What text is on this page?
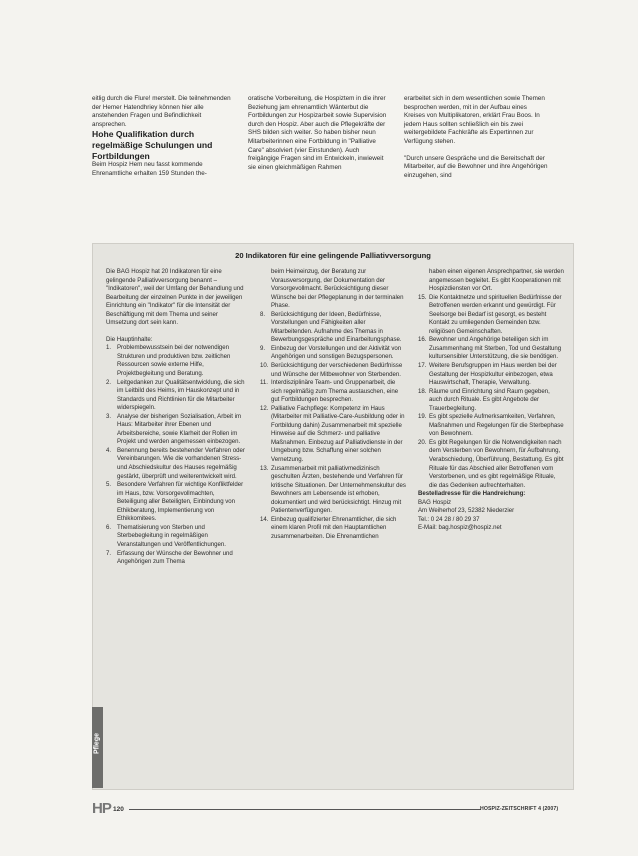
eitlig durch die Flure! merstelt. Die teilnehmenden der Hemer Hatendhriey können hier alle anstehenden Fragen und Befindlichkeit ansprechen.

Hohe Qualifikation durch regelmäßige Schulungen und Fortbildungen

Beim Hospiz Hem neu fasst kommende Ehrenamtliche erhalten 159 Stunden the-

oratische Vorbereitung, die Hospiztem in die ihrer Beziehung jam ehrenamtlich Wänterbut die Fortbildungen zur Hospizarbeit sowie Supervision durch den Hospiz. Aber auch die Pflegekräfte der SHS bilden sich weiter. So haben bisher neun Mitarbeiterinnen eine Fortbildung in "Palliative Care" absolviert (vier Einstunden). Auch freigängige Fragen sind im Entwickeln, inwieweit sie einen gleichmäßigen Rahmen

erarbeitet sich in dem wesentlichen sowie Themen besprochen werden, mit in der Aufbau eines Kreises von Multiplikatoren, erklärt Frau Boos. In jedem Haus sollten schließlich ein bis zwei weitergebildete Fachkräfte als Expertinnen zur Verfügung stehen.

"Durch unsere Gespräche und die Bereitschaft der Mitarbeiter, auf die Bewohner und ihre Angehörigen einzugehen, sind

20 Indikatoren für eine gelingende Palliativversorgung

Die BAG Hospiz hat 20 Indikatoren für eine gelingende Palliativversorgung benannt – "Indikatoren", weil der Umfang der Behandlung und Bearbeitung der einzelnen Punkte in der jeweiligen Einrichtung ein "Indikator" für die Intensität der Beschäftigung mit dem Thema und seiner Umsetzung dort sein kann.

Die Hauptinhalte:

1. Problembewusstsein bei der notwendigen Strukturen und produktiven bzw. zeitlichen Ressourcen sowie externe Hilfe, Projektbegleitung und Beratung.
2. Leitgedanken zur Qualitätsentwicklung, die sich im Leitbild des Heims, im Hauskonzept und in Standards und Richtlinien für die Mitarbeiter widerspiegeln.
3. Analyse der bisherigen Sozialisation, Arbeit im Haus: Mitarbeiter ihrer Ebenen und Arbeitsbereiche, sowie Klarheit der Rollen im Projekt und werden angemessen einbezogen.
4. Benennung bereits bestehender Verfahren oder Vereinbarungen. Wie die vorhandenen Stress- und Abschiedskultur des Hauses regelmäßig gestärkt, überprüft und weiterentwickelt wird.
5. Besondere Verfahren für wichtige Konfliktfelder im Haus, bzw. Vorsorgevollmachten, Beteiligung aller Beteiligten, Einbindung von Ethikberatung, Implementierung von Ethikkomitees.
6. Thematisierung von Sterben und Sterbebegleitung in regelmäßigen Veranstaltungen und Veröffentlichungen.
7. Erfassung der Wünsche der Bewohner und Angehörigen zum Thema
beim Heimeinzug, der Beratung zur Vorausversorgung, der Dokumentation der Vorsorgevollmacht. Berücksichtigung dieser Wünsche bei der Pflegeplanung in der terminalen Phase.
8. Berücksichtigung der Ideen, Bedürfnisse, Vorstellungen und Fähigkeiten aller Mitarbeitenden. Aufnahme des Themas in Bewerbungsgespräche und Einarbeitungsphase.
9. Einbezug der Vorstellungen und der Aktivität von Angehörigen und sonstigen Bezugspersonen.
10. Berücksichtigung der verschiedenen Bedürfnisse und Wünsche der Mitbewohner von Sterbenden.
11. Interdisziplinäre Team- und Gruppenarbeit, die sich regelmäßig zum Thema austauschen, eine gut Fortbildungen besprechen.
12. Palliative Fachpflege: Kompetenz im Haus (Mitarbeiter mit Palliative-Care-Ausbildung oder in Fortbildung dahin) Zusammenarbeit mit spezielle Hinweise auf die Schmerz- und palliative Maßnahmen. Einbezug auf Palliativdienste in der Umgebung bzw. Schaffung einer solchen Vernetzung.
13. Zusammenarbeit mit palliativmedizinisch geschulten Ärzten, bestehende und Verfahren für kritische Situationen. Der Unternehmenskultur des Bewohners am Lebensende ist erhoben, dokumentiert und wird berücksichtigt. Hinzug mit Patientenverfügungen.
14. Einbezug qualifizierter Ehrenamtlicher, die sich einem klaren Profil mit den Hauptamtlichen zusammenarbeiten. Die Ehrenamtlichen
haben einen eigenen Ansprechpartner, sie werden angemessen begleitet. Es gibt Kooperationen mit Hospizdiensten vor Ort.
15. Die Kontaktnetze und spirituellen Bedürfnisse der Betroffenen werden erkannt und gewürdigt. Für Seelsorge bei Bedarf ist gesorgt, es besteht Kontakt zu umliegenden Gemeinden bzw. religiösen Gemeinschaften.
16. Bewohner und Angehörige beteiligen sich im Zusammenhang mit Sterben, Tod und Gestaltung kultursensibler Unterstützung, die sie benötigen.
17. Weitere Berufsgruppen im Haus werden bei der Gestaltung der Hospizkultur einbezogen, etwa Hauswirtschaft, Therapie, Verwaltung.
18. Räume und Einrichtung sind Raum gegeben, auch durch Rituale. Es gibt Angebote der Trauerbegleitung.
19. Es gibt spezielle Aufmerksamkeiten, Verfahren, Maßnahmen und Regelungen für die Sterbephase von Bewohnern.
20. Es gibt Regelungen für die Notwendigkeiten nach dem Versterben von Bewohnern, für Aufbahrung, Verabschiedung, Überführung, Bestattung. Es gibt Rituale für das Abschied aller Betroffenen vom Verstorbenen, und es gibt regelmäßige Rituale, die das Gedenken aufrechterhalten.

Bestelladresse für die Handreichung:

BAG Hospiz
Am Weiherhof 23, 52382 Niederzier
Tel.: 0 24 28 / 80 29 37
E-Mail: bag.hospiz@hospiz.net
Pflege
HP 120	HOSPIZ-ZEITSCHRIFT 4 (2007)
